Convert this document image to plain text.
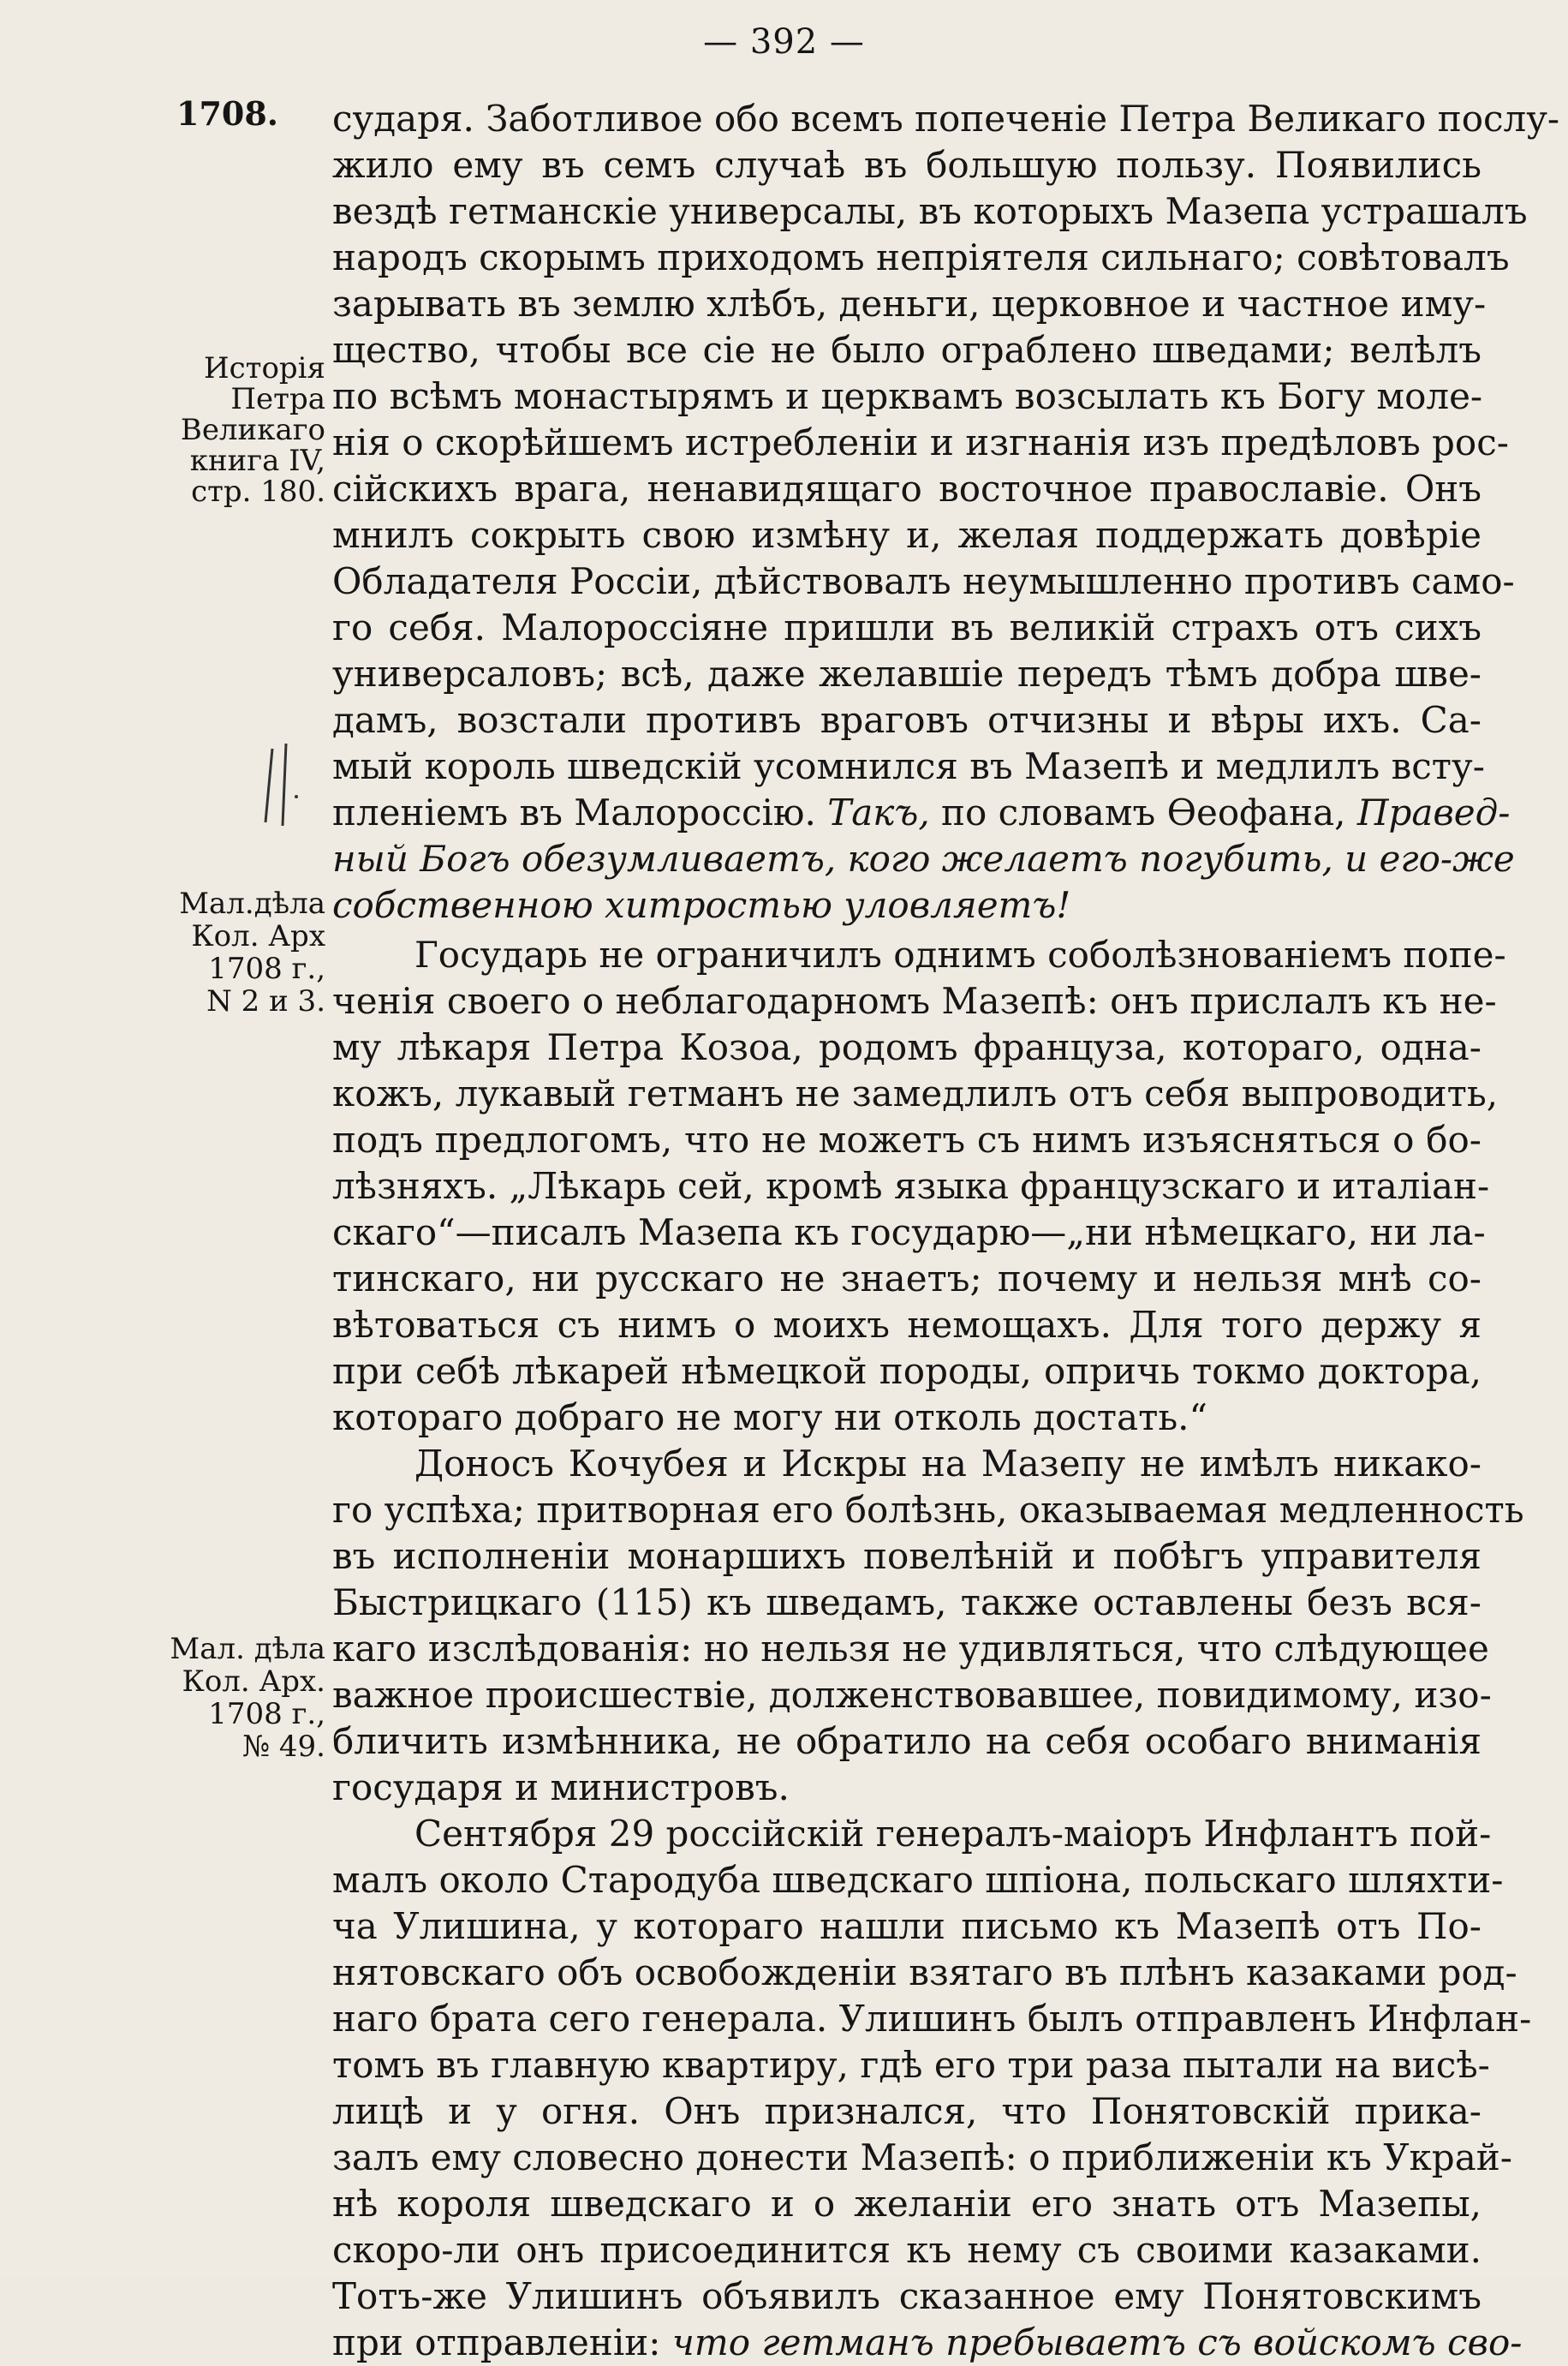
— 392 —
1708. сударя. Заботливое обо всемъ попеченіе Петра Великаго послу-
жило ему въ семъ случаѣ въ большую пользу. Появились
вездѣ гетманскіе универсалы, въ которыхъ Мазепа устрашалъ
народъ скорымъ приходомъ непріятеля сильнаго; совѣтовалъ
зарывать въ землю хлѣбъ, деньги, церковное и частное иму-
щество, чтобы все сіе не было ограблено шведами; велѣлъ
по всѣмъ монастырямъ и церквамъ возсылать къ Богу моле-
нія о скорѣйшемъ истребленіи и изгнанія изъ предѣловъ рос-
сійскихъ врага, ненавидящаго восточное православіе. Онъ
мнилъ сокрыть свою измѣну и, желая поддержать довѣріе
Обладателя Россіи, дѣйствовалъ неумышленно противъ само-
го себя. Малороссіяне пришли въ великій страхъ отъ сихъ
универсаловъ; всѣ, даже желавшіе передъ тѣмъ добра шве-
дамъ, возстали противъ враговъ отчизны и вѣры ихъ. Са-
мый король шведскій усомнился въ Мазепѣ и медлилъ всту-
пленіемъ въ Малороссію. Такъ, по словамъ Ѳеофана, Правед-
ный Богъ обезумливаетъ, кого желаетъ погубить, и его-же
собственною хитростью уловляетъ!
Государь не ограничилъ однимъ соболѣзнованіемъ попе-
ченія своего о неблагодарномъ Мазепѣ: онъ прислалъ къ не-
му лѣкаря Петра Козоа, родомъ француза, котораго, одна-
кожъ, лукавый гетманъ не замедлилъ отъ себя выпроводить,
подъ предлогомъ, что не можетъ съ нимъ изъясняться о бо-
лѣзняхъ. „Лѣкарь сей, кромѣ языка французскаго и италіан-
скаго“—писалъ Мазепа къ государю—„ни нѣмецкаго, ни ла-
тинскаго, ни русскаго не знаетъ; почему и нельзя мнѣ со-
вѣтоваться съ нимъ о моихъ немощахъ. Для того держу я
при себѣ лѣкарей нѣмецкой породы, опричь токмо доктора,
котораго добраго не могу ни отколь достать.“
Доносъ Кочубея и Искры на Мазепу не имѣлъ никако-
го успѣха; притворная его болѣзнь, оказываемая медленность
въ исполненіи монаршихъ повелѣній и побѣгъ управителя
Быстрицкаго (115) къ шведамъ, также оставлены безъ вся-
каго изслѣдованія: но нельзя не удивляться, что слѣдующее
важное происшествіе, долженствовавшее, повидимому, изо-
бличить измѣнника, не обратило на себя особаго вниманія
государя и министровъ.
Сентября 29 россійскій генералъ-маіоръ Инфлантъ пой-
малъ около Стародуба шведскаго шпіона, польскаго шляхти-
ча Улишина, у котораго нашли письмо къ Мазепѣ отъ По-
нятовскаго объ освобожденіи взятаго въ плѣнъ казаками род-
наго брата сего генерала. Улишинъ былъ отправленъ Инфлан-
томъ въ главную квартиру, гдѣ его три раза пытали на висѣ-
лицѣ и у огня. Онъ признался, что Понятовскій прика-
залъ ему словесно донести Мазепѣ: о приближеніи къ Украй-
нѣ короля шведскаго и о желаніи его знать отъ Мазепы,
скоро-ли онъ присоединится къ нему съ своими казаками.
Тотъ-же Улишинъ объявилъ сказанное ему Понятовскимъ
при отправленіи: что гетманъ пребываетъ съ войскомъ сво-
Исторія
Петра
Великаго
книга IV,
стр. 180.
Мал.дѣла
Кол. Арх
1708 г.,
N 2 и 3.
Мал. дѣла
Кол. Арх.
1708 г.,
№ 49.
